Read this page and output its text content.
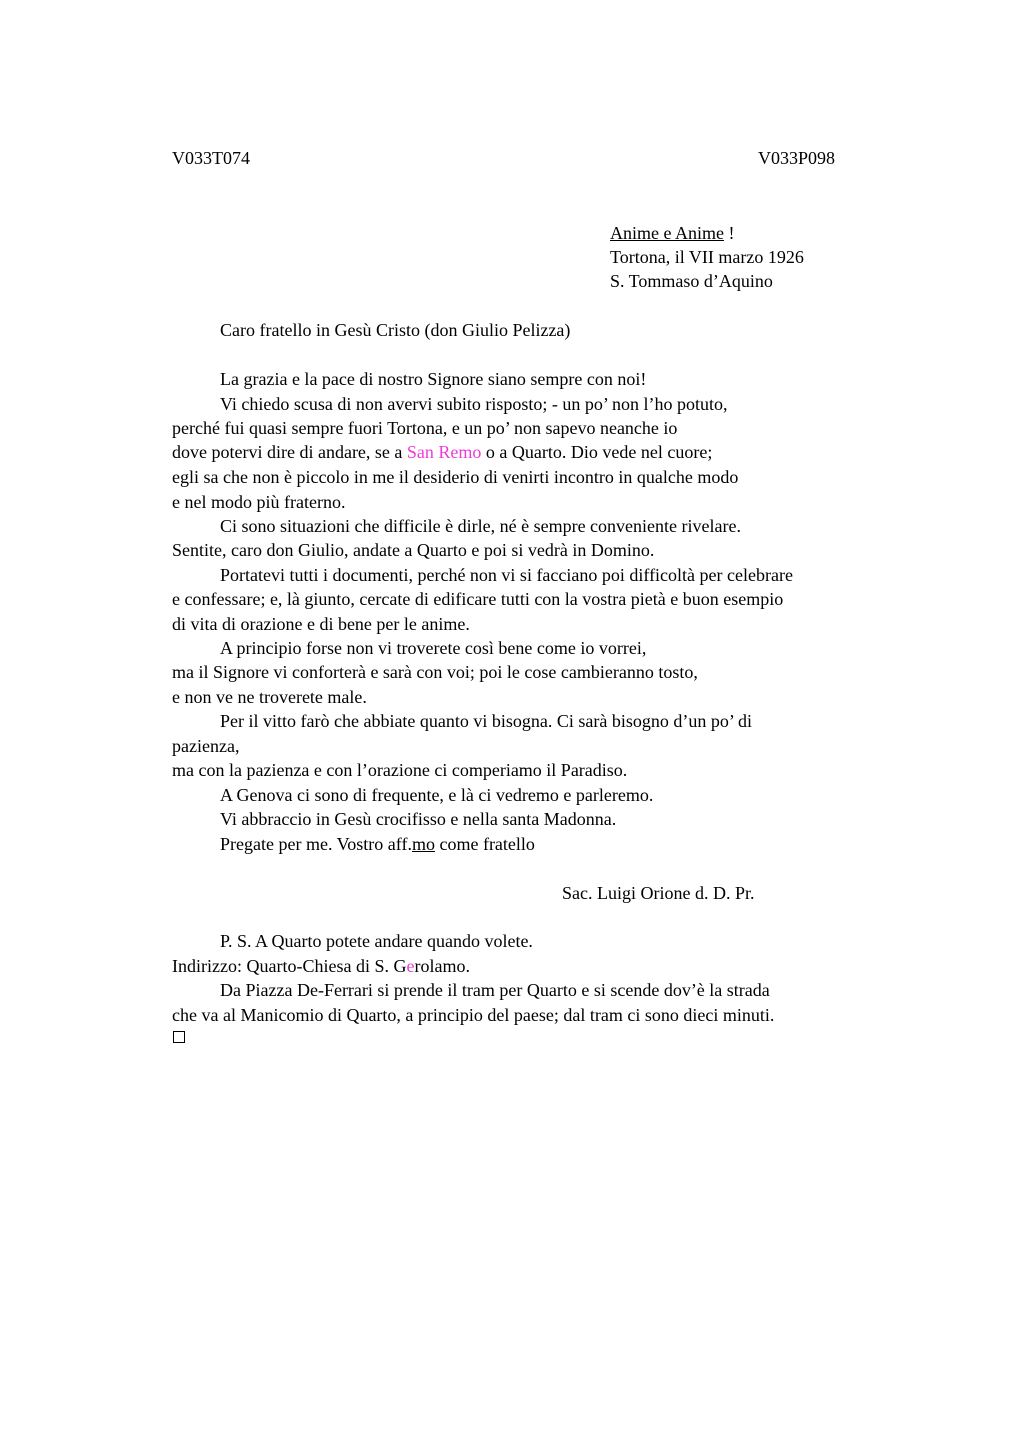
V033T074	V033P098
Anime e Anime !
Tortona, il VII marzo 1926
S. Tommaso d’Aquino
Caro fratello in Gesù Cristo (don Giulio Pelizza)
La grazia e la pace di nostro Signore siano sempre con noi!
Vi chiedo scusa di non avervi subito risposto; - un po’ non l’ho potuto,
perché fui quasi sempre fuori Tortona, e un po’ non sapevo neanche io
dove potervi dire di andare, se a San Remo o a Quarto. Dio vede nel cuore;
egli sa che non è piccolo in me il desiderio di venirti incontro in qualche modo
e nel modo più fraterno.
Ci sono situazioni che difficile è dirle, né è sempre conveniente rivelare.
Sentite, caro don Giulio, andate a Quarto e poi si vedrà in Domino.
Portatevi tutti i documenti, perché non vi si facciano poi difficoltà per celebrare
e confessare; e, là giunto, cercate di edificare tutti con la vostra pietà e buon esempio
di vita di orazione e di bene per le anime.
A principio forse non vi troverete così bene come io vorrei,
ma il Signore vi conforterà e sarà con voi; poi le cose cambieranno tosto,
e non ve ne troverete male.
Per il vitto farò che abbiate quanto vi bisogna. Ci sarà bisogno d’un po’ di
pazienza,
ma con la pazienza e con l’orazione ci comperiamo il Paradiso.
A Genova ci sono di frequente, e là ci vedremo e parleremo.
Vi abbraccio in Gesù crocifisso e nella santa Madonna.
Pregate per me. Vostro aff.mo come fratello
Sac. Luigi Orione d. D. Pr.
P. S. A Quarto potete andare quando volete.
Indirizzo: Quarto-Chiesa di S. Gerolamo.
Da Piazza De-Ferrari si prende il tram per Quarto e si scende dov’è la strada
che va al Manicomio di Quarto, a principio del paese; dal tram ci sono dieci minuti.
